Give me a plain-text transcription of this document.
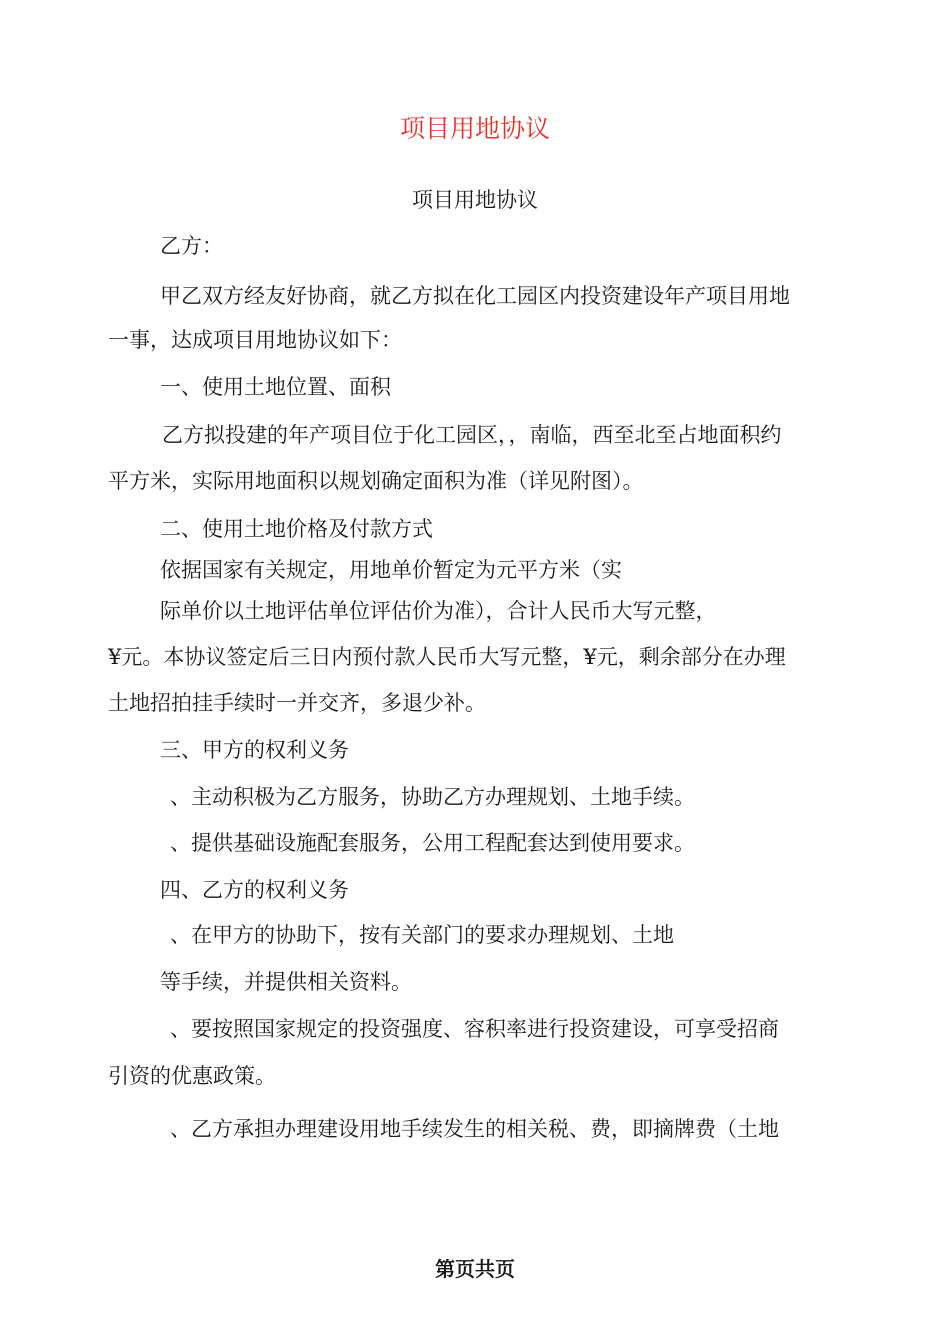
项目用地协议
项目用地协议
乙方：
甲乙双方经友好协商，就乙方拟在化工园区内投资建设年产项目用地
一事，达成项目用地协议如下：
一、使用土地位置、面积
乙方拟投建的年产项目位于化工园区，，南临，西至北至占地面积约
平方米，实际用地面积以规划确定面积为准（详见附图）。
二、使用土地价格及付款方式
依据国家有关规定，用地单价暂定为元平方米（实
际单价以土地评估单位评估价为准），合计人民币大写元整，
¥元。本协议签定后三日内预付款人民币大写元整，¥元，剩余部分在办理
土地招拍挂手续时一并交齐，多退少补。
三、甲方的权利义务
、主动积极为乙方服务，协助乙方办理规划、土地手续。
、提供基础设施配套服务，公用工程配套达到使用要求。
四、乙方的权利义务
、在甲方的协助下，按有关部门的要求办理规划、土地
等手续，并提供相关资料。
、要按照国家规定的投资强度、容积率进行投资建设，可享受招商
引资的优惠政策。
、乙方承担办理建设用地手续发生的相关税、费，即摘牌费（土地
第页共页
